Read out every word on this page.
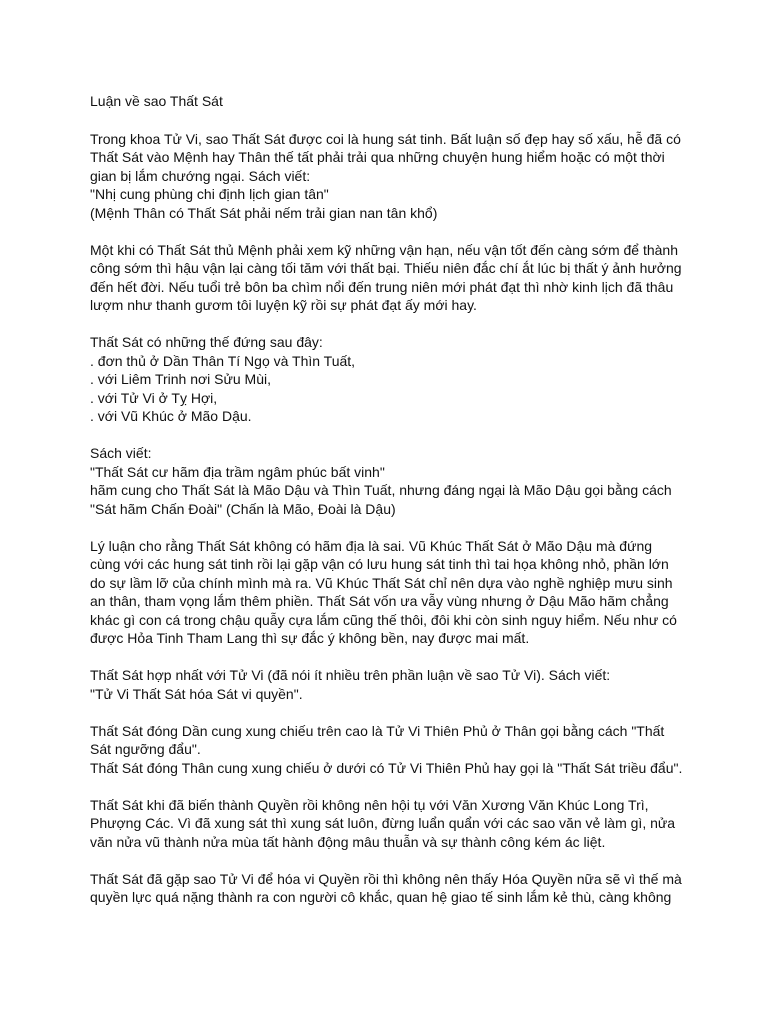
Luận về sao Thất Sát
Trong khoa Tử Vi, sao Thất Sát được coi là hung sát tinh. Bất luận số đẹp hay số xấu, hễ đã có
Thất Sát vào Mệnh hay Thân thế tất phải trải qua những chuyện hung hiểm hoặc có một thời
gian bị lắm chướng ngại. Sách viết:
"Nhị cung phùng chi định lịch gian tân"
(Mệnh Thân có Thất Sát phải nếm trải gian nan tân khổ)
Một khi có Thất Sát thủ Mệnh phải xem kỹ những vận hạn, nếu vận tốt đến càng sớm để thành
công sớm thì hậu vận lại càng tối tăm với thất bại. Thiếu niên đắc chí ắt lúc bị thất ý ảnh hưởng
đến hết đời. Nếu tuổi trẻ bôn ba chìm nổi đến trung niên mới phát đạt thì nhờ kinh lịch đã thâu
lượm như thanh gươm tôi luyện kỹ rồi sự phát đạt ấy mới hay.
Thất Sát có những thế đứng sau đây:
. đơn thủ ở Dần Thân Tí Ngọ và Thìn Tuất,
. với Liêm Trinh nơi Sửu Mùi,
. với Tử Vi ở Tỵ Hợi,
. với Vũ Khúc ở Mão Dậu.
Sách viết:
"Thất Sát cư hãm địa trầm ngâm phúc bất vinh"
hãm cung cho Thất Sát là Mão Dậu và Thìn Tuất, nhưng đáng ngại là Mão Dậu gọi bằng cách
"Sát hãm Chấn Đoài" (Chấn là Mão, Đoài là Dậu)
Lý luận cho rằng Thất Sát không có hãm địa là sai. Vũ Khúc Thất Sát ở Mão Dậu mà đứng
cùng với các hung sát tinh rồi lại gặp vận có lưu hung sát tinh thì tai họa không nhỏ, phần lớn
do sự lầm lỡ của chính mình mà ra. Vũ Khúc Thất Sát chỉ nên dựa vào nghề nghiệp mưu sinh
an thân, tham vọng lắm thêm phiền. Thất Sát vốn ưa vẫy vùng nhưng ở Dậu Mão hãm chẳng
khác gì con cá trong chậu quẫy cựa lắm cũng thế thôi, đôi khi còn sinh nguy hiểm. Nếu như có
được Hỏa Tinh Tham Lang thì sự đắc ý không bền, nay được mai mất.
Thất Sát hợp nhất với Tử Vi (đã nói ít nhiều trên phần luận về sao Tử Vi). Sách viết:
"Tử Vi Thất Sát hóa Sát vi quyền".
Thất Sát đóng Dần cung xung chiếu trên cao là Tử Vi Thiên Phủ ở Thân gọi bằng cách "Thất
Sát ngưỡng đẩu".
Thất Sát đóng Thân cung xung chiếu ở dưới có Tử Vi Thiên Phủ hay gọi là "Thất Sát triều đẩu".
Thất Sát khi đã biến thành Quyền rồi không nên hội tụ với Văn Xương Văn Khúc Long Trì,
Phượng Các. Vì đã xung sát thì xung sát luôn, đừng luẩn quẩn với các sao văn vẻ làm gì, nửa
văn nửa vũ thành nửa mùa tất hành động mâu thuẫn và sự thành công kém ác liệt.
Thất Sát đã gặp sao Tử Vi để hóa vi Quyền rồi thì không nên thấy Hóa Quyền nữa sẽ vì thế mà
quyền lực quá nặng thành ra con người cô khắc, quan hệ giao tế sinh lắm kẻ thù, càng không
